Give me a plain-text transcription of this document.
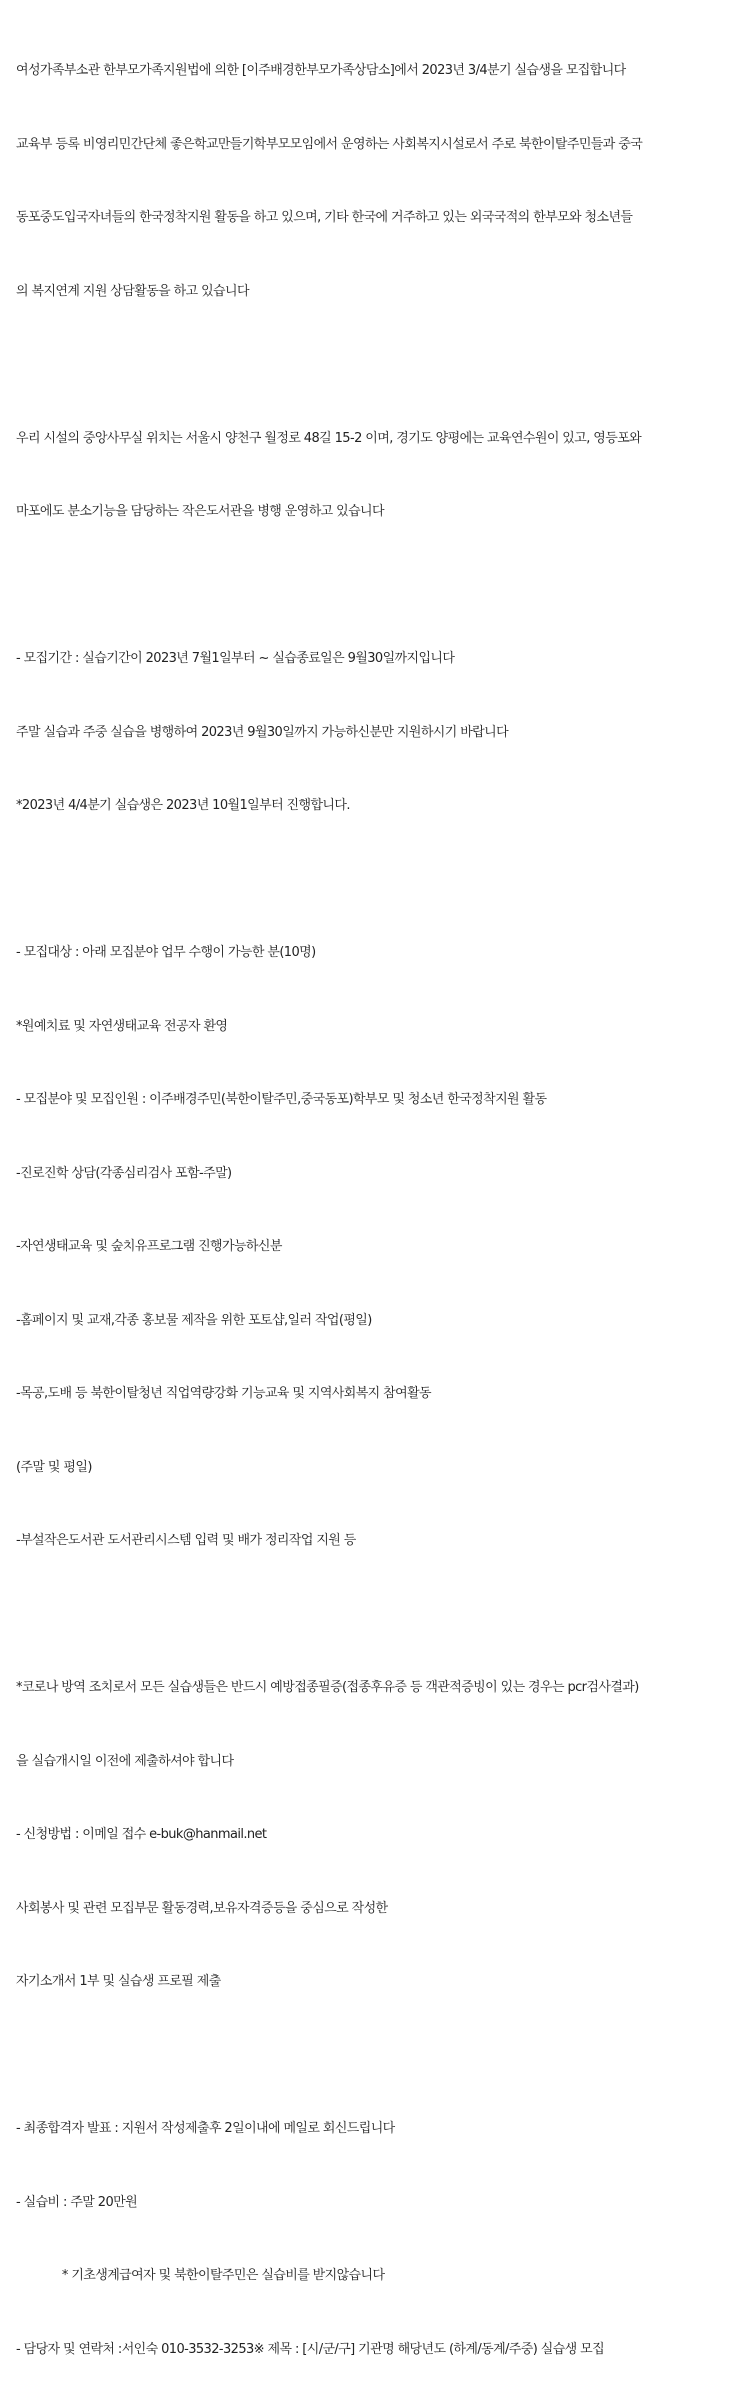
여성가족부소관 한부모가족지원법에 의한 [이주배경한부모가족상담소]에서 2023년 3/4분기 실습생을 모집합니다

교육부 등록 비영리민간단체 좋은학교만들기학부모모임에서 운영하는 사회복지시설로서 주로 북한이탈주민들과 중국

동포중도입국자녀들의 한국정착지원 활동을 하고 있으며, 기타 한국에 거주하고 있는 외국국적의 한부모와 청소년들

의 복지연계 지원 상담활동을 하고 있습니다

우리 시설의 중앙사무실 위치는 서울시 양천구 월정로 48길 15-2 이며, 경기도 양평에는 교육연수원이 있고, 영등포와

마포에도 분소기능을 담당하는 작은도서관을 병행 운영하고 있습니다

- 모집기간 : 실습기간이 2023년 7월1일부터 ~ 실습종료일은 9월30일까지입니다

주말 실습과 주중 실습을 병행하여 2023년 9월30일까지 가능하신분만 지원하시기 바랍니다

*2023년 4/4분기 실습생은 2023년 10월1일부터 진행합니다.

- 모집대상 : 아래 모집분야 업무 수행이 가능한 분(10명)

*원예치료 및 자연생태교육 전공자 환영

- 모집분야 및 모집인원 : 이주배경주민(북한이탈주민,중국동포)학부모 및 청소년 한국정착지원 활동

-진로진학 상담(각종심리검사 포함-주말)

-자연생태교육 및 숲치유프로그램 진행가능하신분

-홈페이지 및 교재,각종 홍보물 제작을 위한 포토샵,일러 작업(평일)

-목공,도배 등 북한이탈청년 직업역량강화 기능교육 및 지역사회복지 참여활동

(주말 및 평일)

-부설작은도서관 도서관리시스템 입력 및 배가 정리작업 지원 등

*코로나 방역 조치로서 모든 실습생들은 반드시 예방접종필증(접종후유증 등 객관적증빙이 있는 경우는 pcr검사결과)

을 실습개시일 이전에 제출하셔야 합니다

- 신청방법 : 이메일 접수 e-buk@hanmail.net

사회봉사 및 관련 모집부문 활동경력,보유자격증등을 중심으로 작성한

자기소개서 1부 및 실습생 프로필 제출

- 최종합격자 발표 : 지원서 작성제출후 2일이내에 메일로 회신드립니다

- 실습비 : 주말 20만원

* 기초생계급여자 및 북한이탈주민은 실습비를 받지않습니다

- 담당자 및 연락처 :서인숙 010-3532-3253※ 제목 : [시/군/구] 기관명 해당년도 (하계/동계/주중) 실습생 모집
